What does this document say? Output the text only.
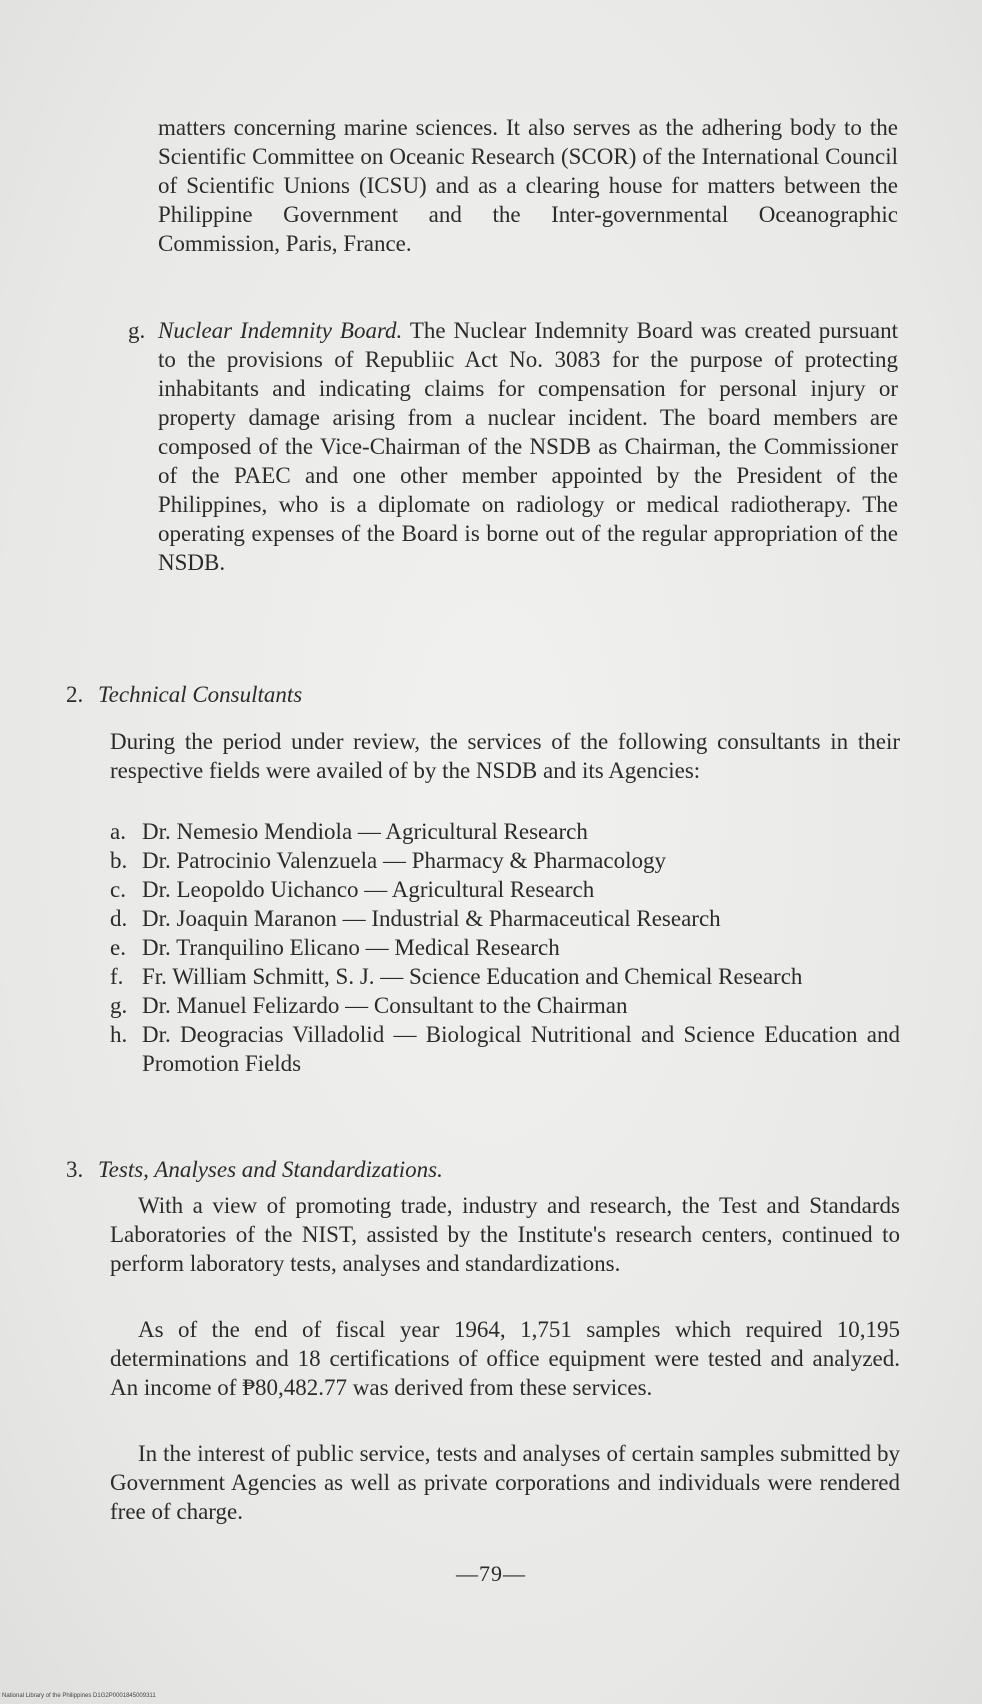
matters concerning marine sciences. It also serves as the adhering body to the Scientific Committee on Oceanic Research (SCOR) of the International Council of Scientific Unions (ICSU) and as a clearing house for matters between the Philippine Government and the Inter-governmental Oceanographic Commission, Paris, France.

g. Nuclear Indemnity Board. The Nuclear Indemnity Board was created pursuant to the provisions of Republiic Act No. 3083 for the purpose of protecting inhabitants and indicating claims for compensation for personal injury or property damage arising from a nuclear incident. The board members are composed of the Vice-Chairman of the NSDB as Chairman, the Commissioner of the PAEC and one other member appointed by the President of the Philippines, who is a diplomate on radiology or medical radiotherapy. The operating expenses of the Board is borne out of the regular appropriation of the NSDB.
2. Technical Consultants

During the period under review, the services of the following consultants in their respective fields were availed of by the NSDB and its Agencies:

a. Dr. Nemesio Mendiola — Agricultural Research
b. Dr. Patrocinio Valenzuela — Pharmacy & Pharmacology
c. Dr. Leopoldo Uichanco — Agricultural Research
d. Dr. Joaquin Maranon — Industrial & Pharmaceutical Research
e. Dr. Tranquilino Elicano — Medical Research
f. Fr. William Schmitt, S. J. — Science Education and Chemical Research
g. Dr. Manuel Felizardo — Consultant to the Chairman
h. Dr. Deogracias Villadolid — Biological Nutritional and Science Education and Promotion Fields
3. Tests, Analyses and Standardizations.

With a view of promoting trade, industry and research, the Test and Standards Laboratories of the NIST, assisted by the Institute's research centers, continued to perform laboratory tests, analyses and standardizations.

As of the end of fiscal year 1964, 1,751 samples which required 10,195 determinations and 18 certifications of office equipment were tested and analyzed. An income of ₱80,482.77 was derived from these services.

In the interest of public service, tests and analyses of certain samples submitted by Government Agencies as well as private corporations and individuals were rendered free of charge.

—79—
National Library of the Philippines D1G2P0001845009311
